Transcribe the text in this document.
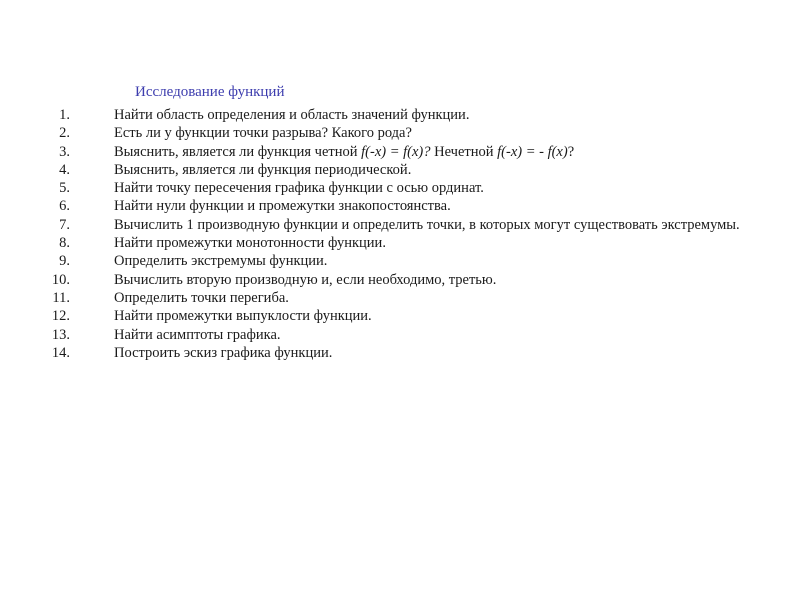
Исследование функций
1.	Найти область определения и область значений функции.
2.	Есть ли у функции точки разрыва? Какого рода?
3.	Выяснить, является ли функция четной f(-x) = f(x)? Нечетной f(-x) = - f(x)?
4.	Выяснить, является ли функция периодической.
5.	Найти точку пересечения графика функции с осью ординат.
6.	Найти нули функции и промежутки знакопостоянства.
7.	Вычислить 1 производную функции и определить точки, в которых могут существовать экстремумы.
8.	Найти промежутки монотонности функции.
9.	Определить экстремумы функции.
10.	Вычислить вторую производную и, если необходимо, третью.
11.	Определить точки перегиба.
12.	Найти промежутки выпуклости функции.
13.	Найти асимптоты графика.
14.	Построить эскиз графика функции.
